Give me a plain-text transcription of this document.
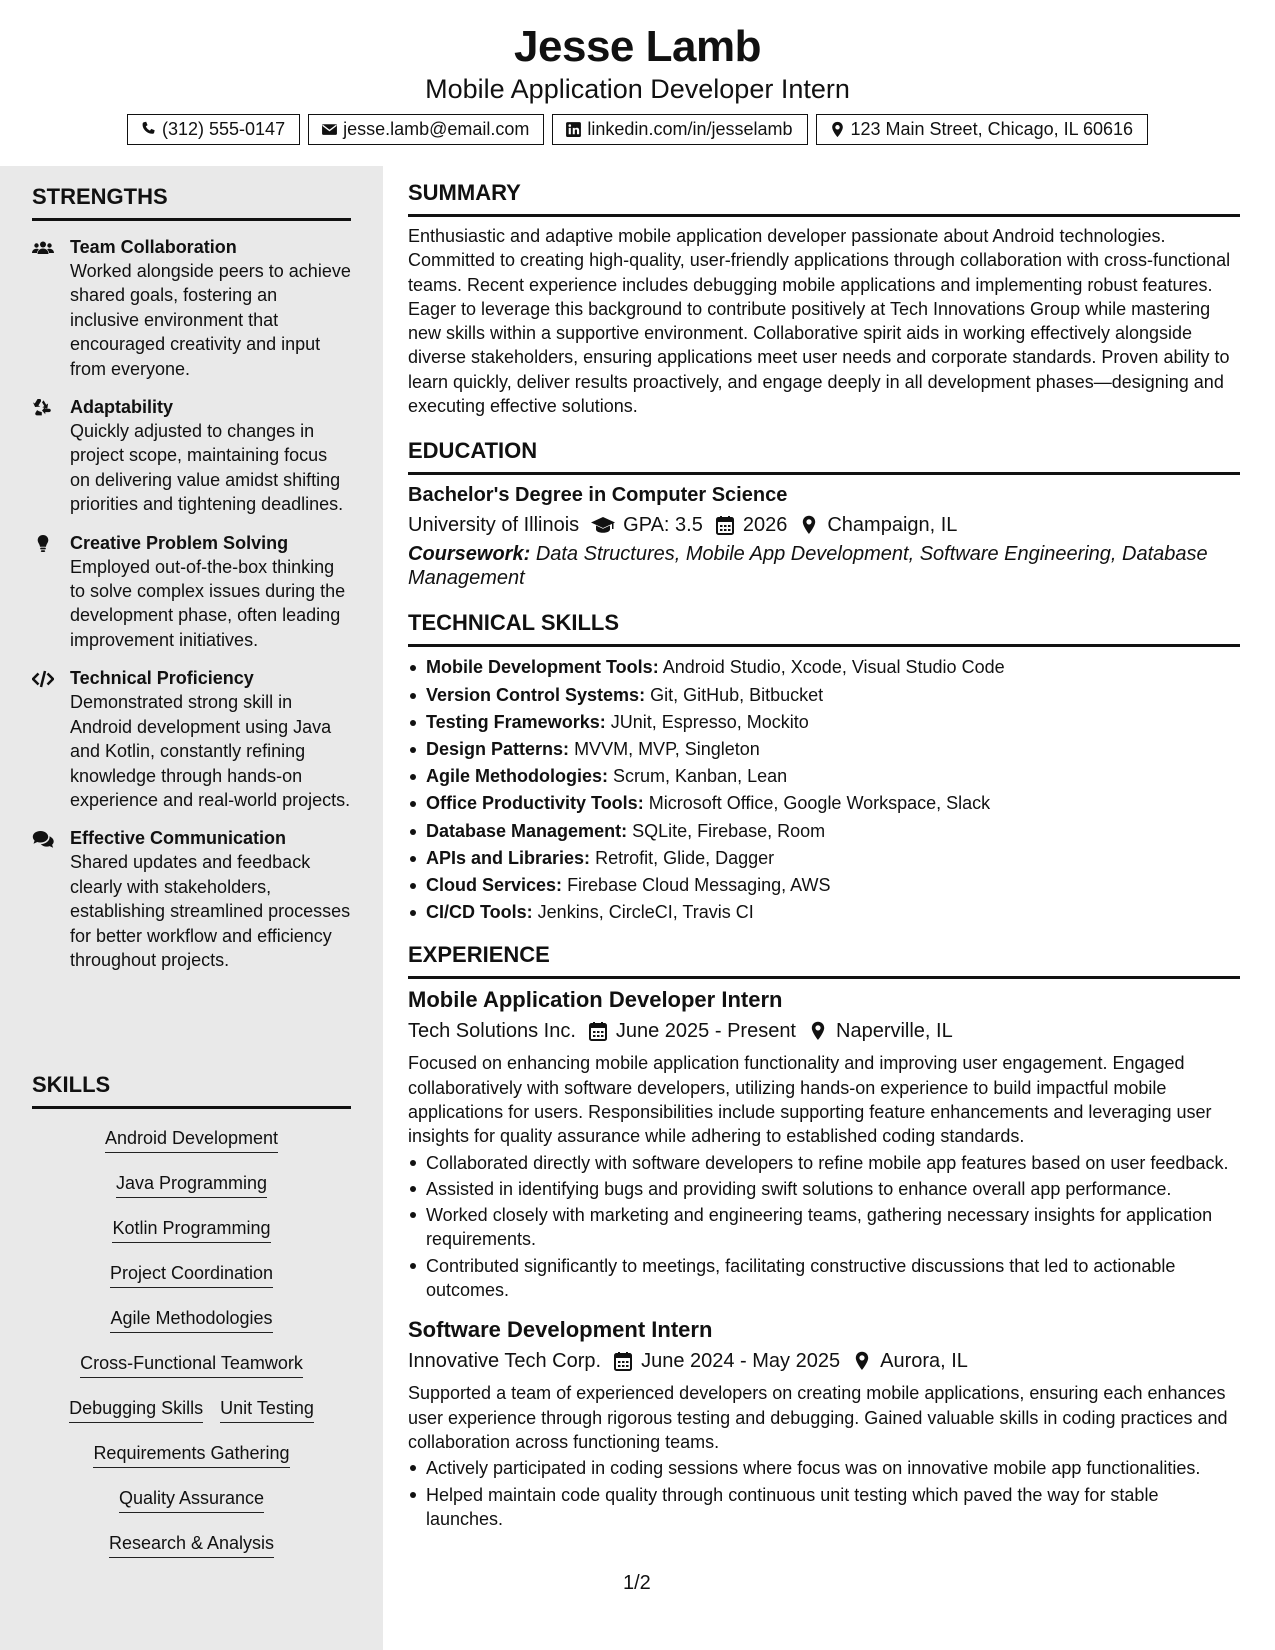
Jesse Lamb
Mobile Application Developer Intern
(312) 555-0147	jesse.lamb@email.com	linkedin.com/in/jesselamb	123 Main Street, Chicago, IL 60616
STRENGTHS
Team Collaboration
Worked alongside peers to achieve shared goals, fostering an inclusive environment that encouraged creativity and input from everyone.
Adaptability
Quickly adjusted to changes in project scope, maintaining focus on delivering value amidst shifting priorities and tightening deadlines.
Creative Problem Solving
Employed out-of-the-box thinking to solve complex issues during the development phase, often leading improvement initiatives.
Technical Proficiency
Demonstrated strong skill in Android development using Java and Kotlin, constantly refining knowledge through hands-on experience and real-world projects.
Effective Communication
Shared updates and feedback clearly with stakeholders, establishing streamlined processes for better workflow and efficiency throughout projects.
SKILLS
Android Development
Java Programming
Kotlin Programming
Project Coordination
Agile Methodologies
Cross-Functional Teamwork
Debugging Skills Unit Testing
Requirements Gathering
Quality Assurance
Research & Analysis
SUMMARY
Enthusiastic and adaptive mobile application developer passionate about Android technologies. Committed to creating high-quality, user-friendly applications through collaboration with cross-functional teams. Recent experience includes debugging mobile applications and implementing robust features. Eager to leverage this background to contribute positively at Tech Innovations Group while mastering new skills within a supportive environment. Collaborative spirit aids in working effectively alongside diverse stakeholders, ensuring applications meet user needs and corporate standards. Proven ability to learn quickly, deliver results proactively, and engage deeply in all development phases—designing and executing effective solutions.
EDUCATION
Bachelor's Degree in Computer Science
University of Illinois GPA: 3.5 2026 Champaign, IL
Coursework: Data Structures, Mobile App Development, Software Engineering, Database Management
TECHNICAL SKILLS
Mobile Development Tools: Android Studio, Xcode, Visual Studio Code
Version Control Systems: Git, GitHub, Bitbucket
Testing Frameworks: JUnit, Espresso, Mockito
Design Patterns: MVVM, MVP, Singleton
Agile Methodologies: Scrum, Kanban, Lean
Office Productivity Tools: Microsoft Office, Google Workspace, Slack
Database Management: SQLite, Firebase, Room
APIs and Libraries: Retrofit, Glide, Dagger
Cloud Services: Firebase Cloud Messaging, AWS
CI/CD Tools: Jenkins, CircleCI, Travis CI
EXPERIENCE
Mobile Application Developer Intern
Tech Solutions Inc. June 2025 - Present Naperville, IL
Focused on enhancing mobile application functionality and improving user engagement. Engaged collaboratively with software developers, utilizing hands-on experience to build impactful mobile applications for users. Responsibilities include supporting feature enhancements and leveraging user insights for quality assurance while adhering to established coding standards.
Collaborated directly with software developers to refine mobile app features based on user feedback.
Assisted in identifying bugs and providing swift solutions to enhance overall app performance.
Worked closely with marketing and engineering teams, gathering necessary insights for application requirements.
Contributed significantly to meetings, facilitating constructive discussions that led to actionable outcomes.
Software Development Intern
Innovative Tech Corp. June 2024 - May 2025 Aurora, IL
Supported a team of experienced developers on creating mobile applications, ensuring each enhances user experience through rigorous testing and debugging. Gained valuable skills in coding practices and collaboration across functioning teams.
Actively participated in coding sessions where focus was on innovative mobile app functionalities.
Helped maintain code quality through continuous unit testing which paved the way for stable launches.
1/2
